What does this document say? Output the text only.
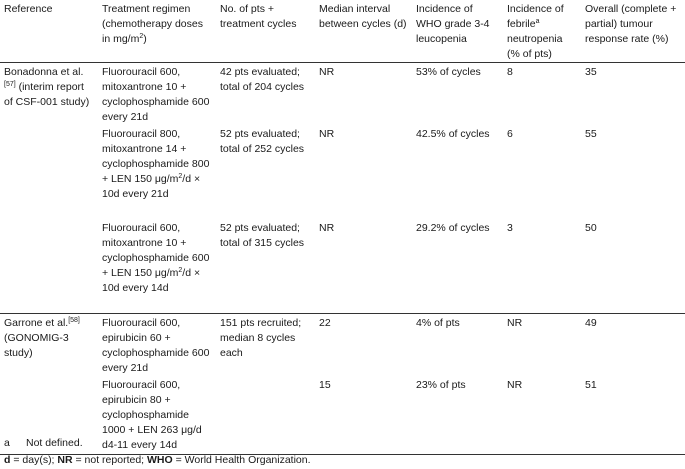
Reference	Treatment regimen (chemotherapy doses in $mg/m^2$)	No. of pts + treatment cycles	Median interval between cycles (d)	Incidence of WHO grade 3-4 leucopenia	Incidence of febrile$^a$ neutropenia (% of pts)	Overall (complete + partial) tumour response rate (%)
Bonadonna et al.[57] (interim report of CSF-001 study)	Fluorouracil 600, mitoxantrone 10 + cyclophosphamide 600 every 21d	42 pts evaluated; total of 204 cycles	NR	53% of cycles	8	35
	Fluorouracil 800, mitoxantrone 14 + cyclophosphamide 800 + LEN 150 $\mu g/m^2/d \times 10d$ every 21d	52 pts evaluated; total of 252 cycles	NR	42.5% of cycles	6	55
	Fluorouracil 600, mitoxantrone 10 + cyclophosphamide 600 + LEN 150 $\mu g/m^2/d \times 10d$ every 14d	52 pts evaluated; total of 315 cycles	NR	29.2% of cycles	3	50
Garrone et al.[58] (GONOMIG-3 study)	Fluorouracil 600, epirubicin 60 + cyclophosphamide 600 every 21d	151 pts recruited; median 8 cycles each	22	4% of pts	NR	49
	Fluorouracil 600, epirubicin 80 + cyclophosphamide 1000 + LEN 263 μg/d d4-11 every 14d		15	23% of pts	NR	51
a Not defined.
d = day(s); NR = not reported; WHO = World Health Organization.
